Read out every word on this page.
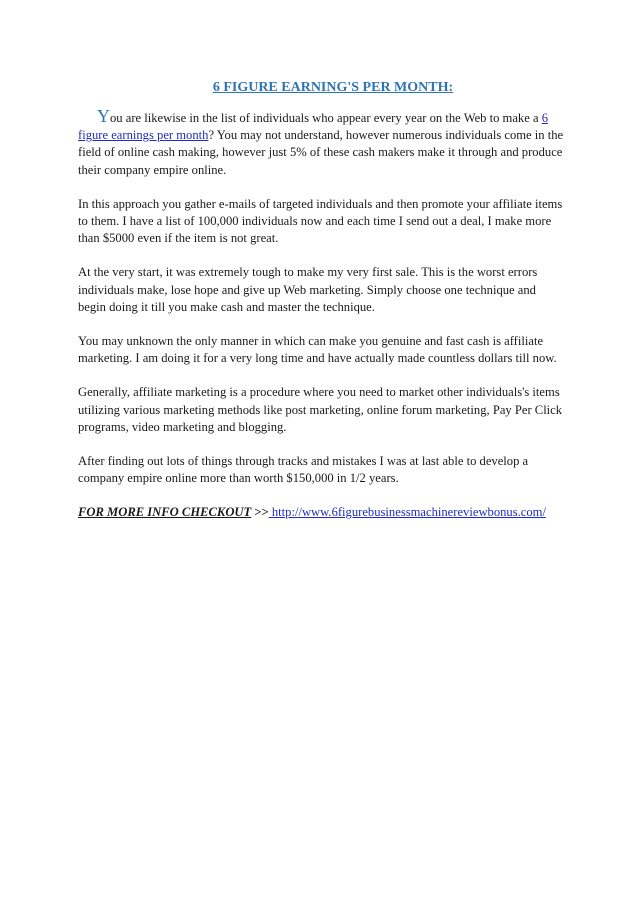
6 FIGURE EARNING'S PER MONTH:

You are likewise in the list of individuals who appear every year on the Web to make a 6 figure earnings per month? You may not understand, however numerous individuals come in the field of online cash making, however just 5% of these cash makers make it through and produce their company empire online.

In this approach you gather e-mails of targeted individuals and then promote your affiliate items to them. I have a list of 100,000 individuals now and each time I send out a deal, I make more than $5000 even if the item is not great.

At the very start, it was extremely tough to make my very first sale. This is the worst errors individuals make, lose hope and give up Web marketing. Simply choose one technique and begin doing it till you make cash and master the technique.

You may unknown the only manner in which can make you genuine and fast cash is affiliate marketing. I am doing it for a very long time and have actually made countless dollars till now.

Generally, affiliate marketing is a procedure where you need to market other individuals's items utilizing various marketing methods like post marketing, online forum marketing, Pay Per Click programs, video marketing and blogging.

After finding out lots of things through tracks and mistakes I was at last able to develop a company empire online more than worth $150,000 in 1/2 years.

FOR MORE INFO CHECKOUT >> http://www.6figurebusinessmachinereviewbonus.com/
